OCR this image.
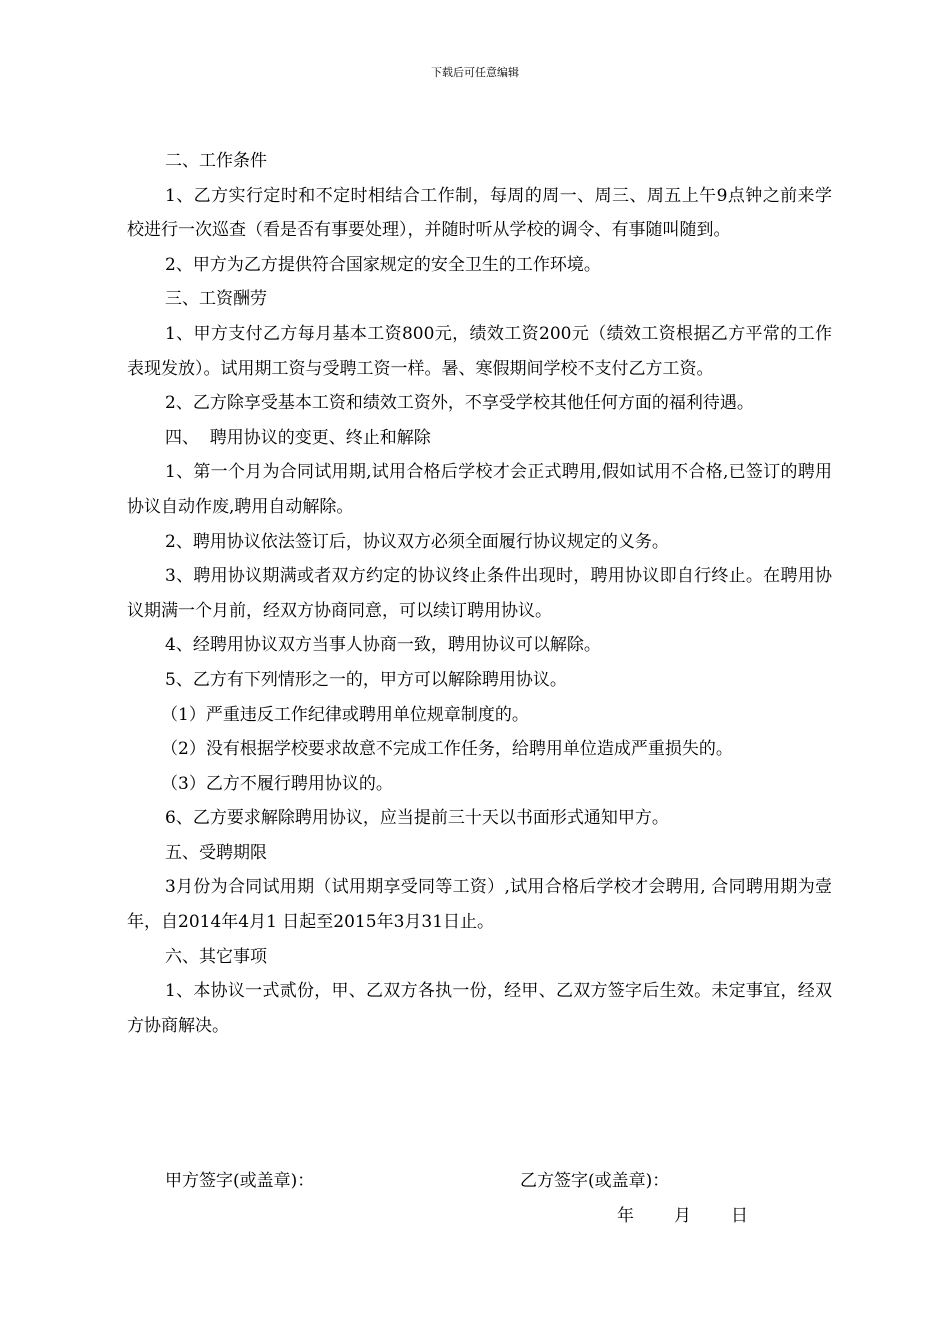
下载后可任意编辑

二、工作条件

1、乙方实行定时和不定时相结合工作制，每周的周一、周三、周五上午9点钟之前来学校进行一次巡查（看是否有事要处理），并随时听从学校的调令、有事随叫随到。

2、甲方为乙方提供符合国家规定的安全卫生的工作环境。

三、工资酬劳

1、甲方支付乙方每月基本工资800元，绩效工资200元（绩效工资根据乙方平常的工作表现发放）。试用期工资与受聘工资一样。暑、寒假期间学校不支付乙方工资。

2、乙方除享受基本工资和绩效工资外，不享受学校其他任何方面的福利待遇。

四、  聘用协议的变更、终止和解除

1、第一个月为合同试用期,试用合格后学校才会正式聘用,假如试用不合格,已签订的聘用协议自动作废,聘用自动解除。

2、聘用协议依法签订后，协议双方必须全面履行协议规定的义务。

3、聘用协议期满或者双方约定的协议终止条件出现时，聘用协议即自行终止。在聘用协议期满一个月前，经双方协商同意，可以续订聘用协议。

4、经聘用协议双方当事人协商一致，聘用协议可以解除。

5、乙方有下列情形之一的，甲方可以解除聘用协议。

（1）严重违反工作纪律或聘用单位规章制度的。

（2）没有根据学校要求故意不完成工作任务，给聘用单位造成严重损失的。

（3）乙方不履行聘用协议的。

6、乙方要求解除聘用协议，应当提前三十天以书面形式通知甲方。

五、受聘期限

3月份为合同试用期（试用期享受同等工资）,试用合格后学校才会聘用, 合同聘用期为壹年，自2014年4月1 日起至2015年3月31日止。

六、其它事项

1、本协议一式贰份，甲、乙双方各执一份，经甲、乙双方签字后生效。未定事宜，经双方协商解决。

甲方签字(或盖章)：	乙方签字(或盖章)：
年 月 日
